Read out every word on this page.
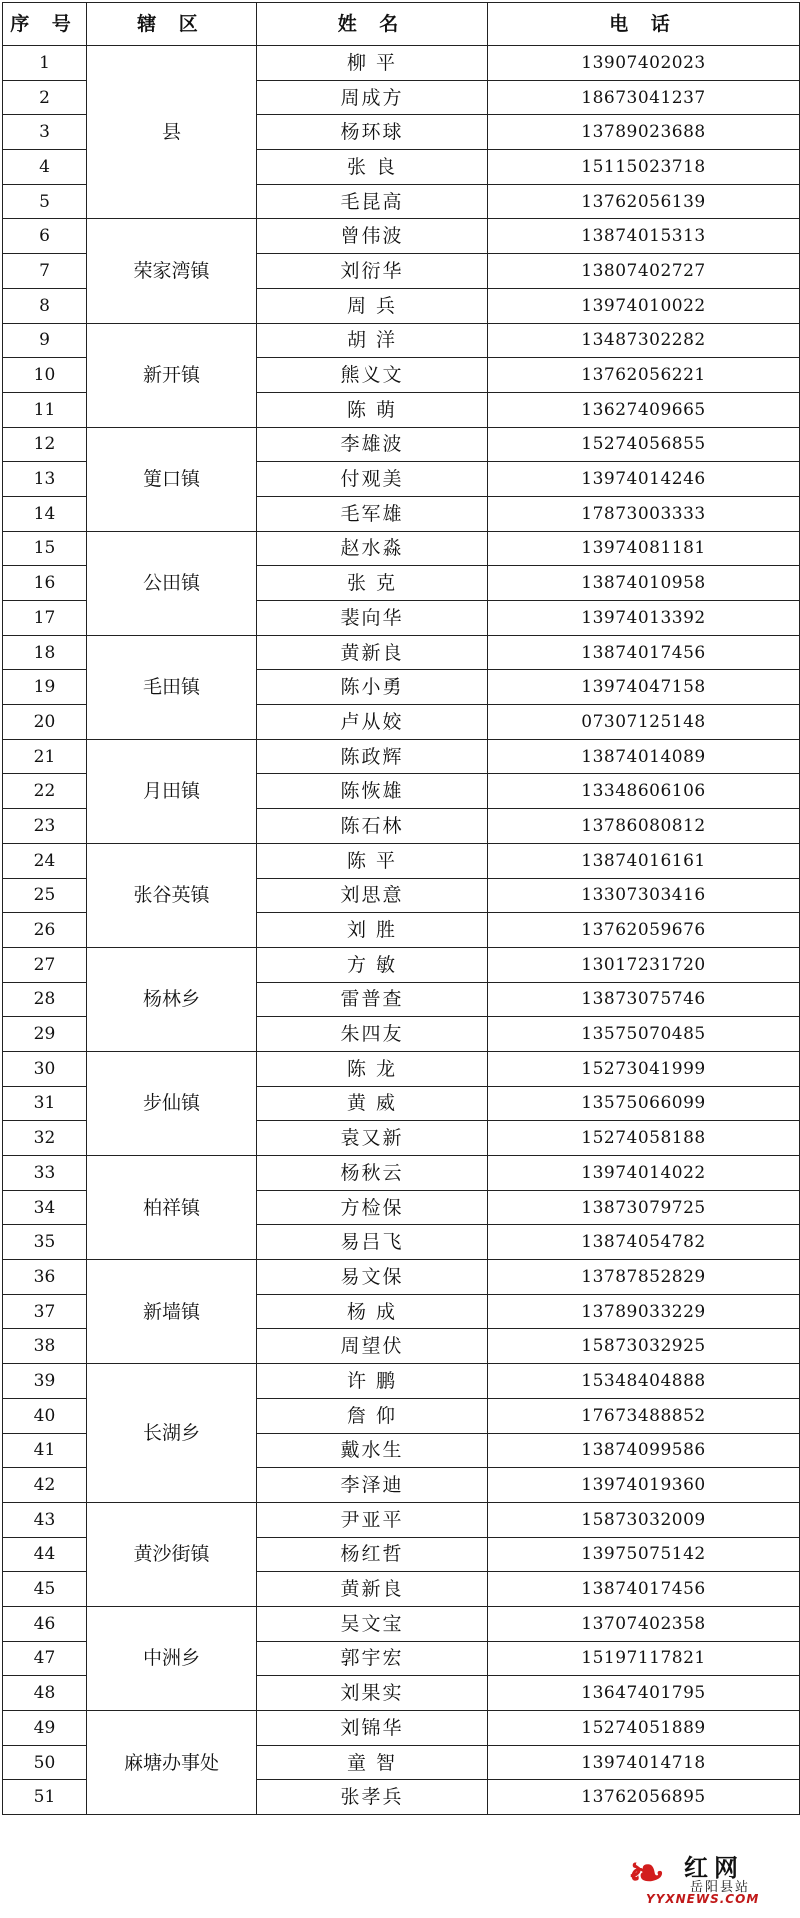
序 号	辖 区	姓 名	电 话
1	县	柳 平	13907402023
2		周成方	18673041237
3		杨环球	13789023688
4		张 良	15115023718
5		毛昆高	13762056139
6	荣家湾镇	曾伟波	13874015313
7		刘衍华	13807402727
8		周 兵	13974010022
9	新开镇	胡 洋	13487302282
10		熊义文	13762056221
11		陈 萌	13627409665
12	筻口镇	李雄波	15274056855
13		付观美	13974014246
14		毛军雄	17873003333
15	公田镇	赵水淼	13974081181
16		张 克	13874010958
17		裴向华	13974013392
18	毛田镇	黄新良	13874017456
19		陈小勇	13974047158
20		卢从姣	07307125148
21	月田镇	陈政辉	13874014089
22		陈恢雄	13348606106
23		陈石林	13786080812
24	张谷英镇	陈 平	13874016161
25		刘思意	13307303416
26		刘 胜	13762059676
27	杨林乡	方 敏	13017231720
28		雷普查	13873075746
29		朱四友	13575070485
30	步仙镇	陈 龙	15273041999
31		黄 威	13575066099
32		袁又新	15274058188
33	柏祥镇	杨秋云	13974014022
34		方检保	13873079725
35		易吕飞	13874054782
36	新墙镇	易文保	13787852829
37		杨 成	13789033229
38		周望伏	15873032925
39	长湖乡	许 鹏	15348404888
40		詹 仰	17673488852
41		戴水生	13874099586
42		李泽迪	13974019360
43	黄沙街镇	尹亚平	15873032009
44		杨红哲	13975075142
45		黄新良	13874017456
46	中洲乡	吴文宝	13707402358
47		郭宇宏	15197117821
48		刘果实	13647401795
49	麻塘办事处	刘锦华	15274051889
50		童 智	13974014718
51		张孝兵	13762056895
❧ 红网
岳阳县站
YYXNEWS.COM
